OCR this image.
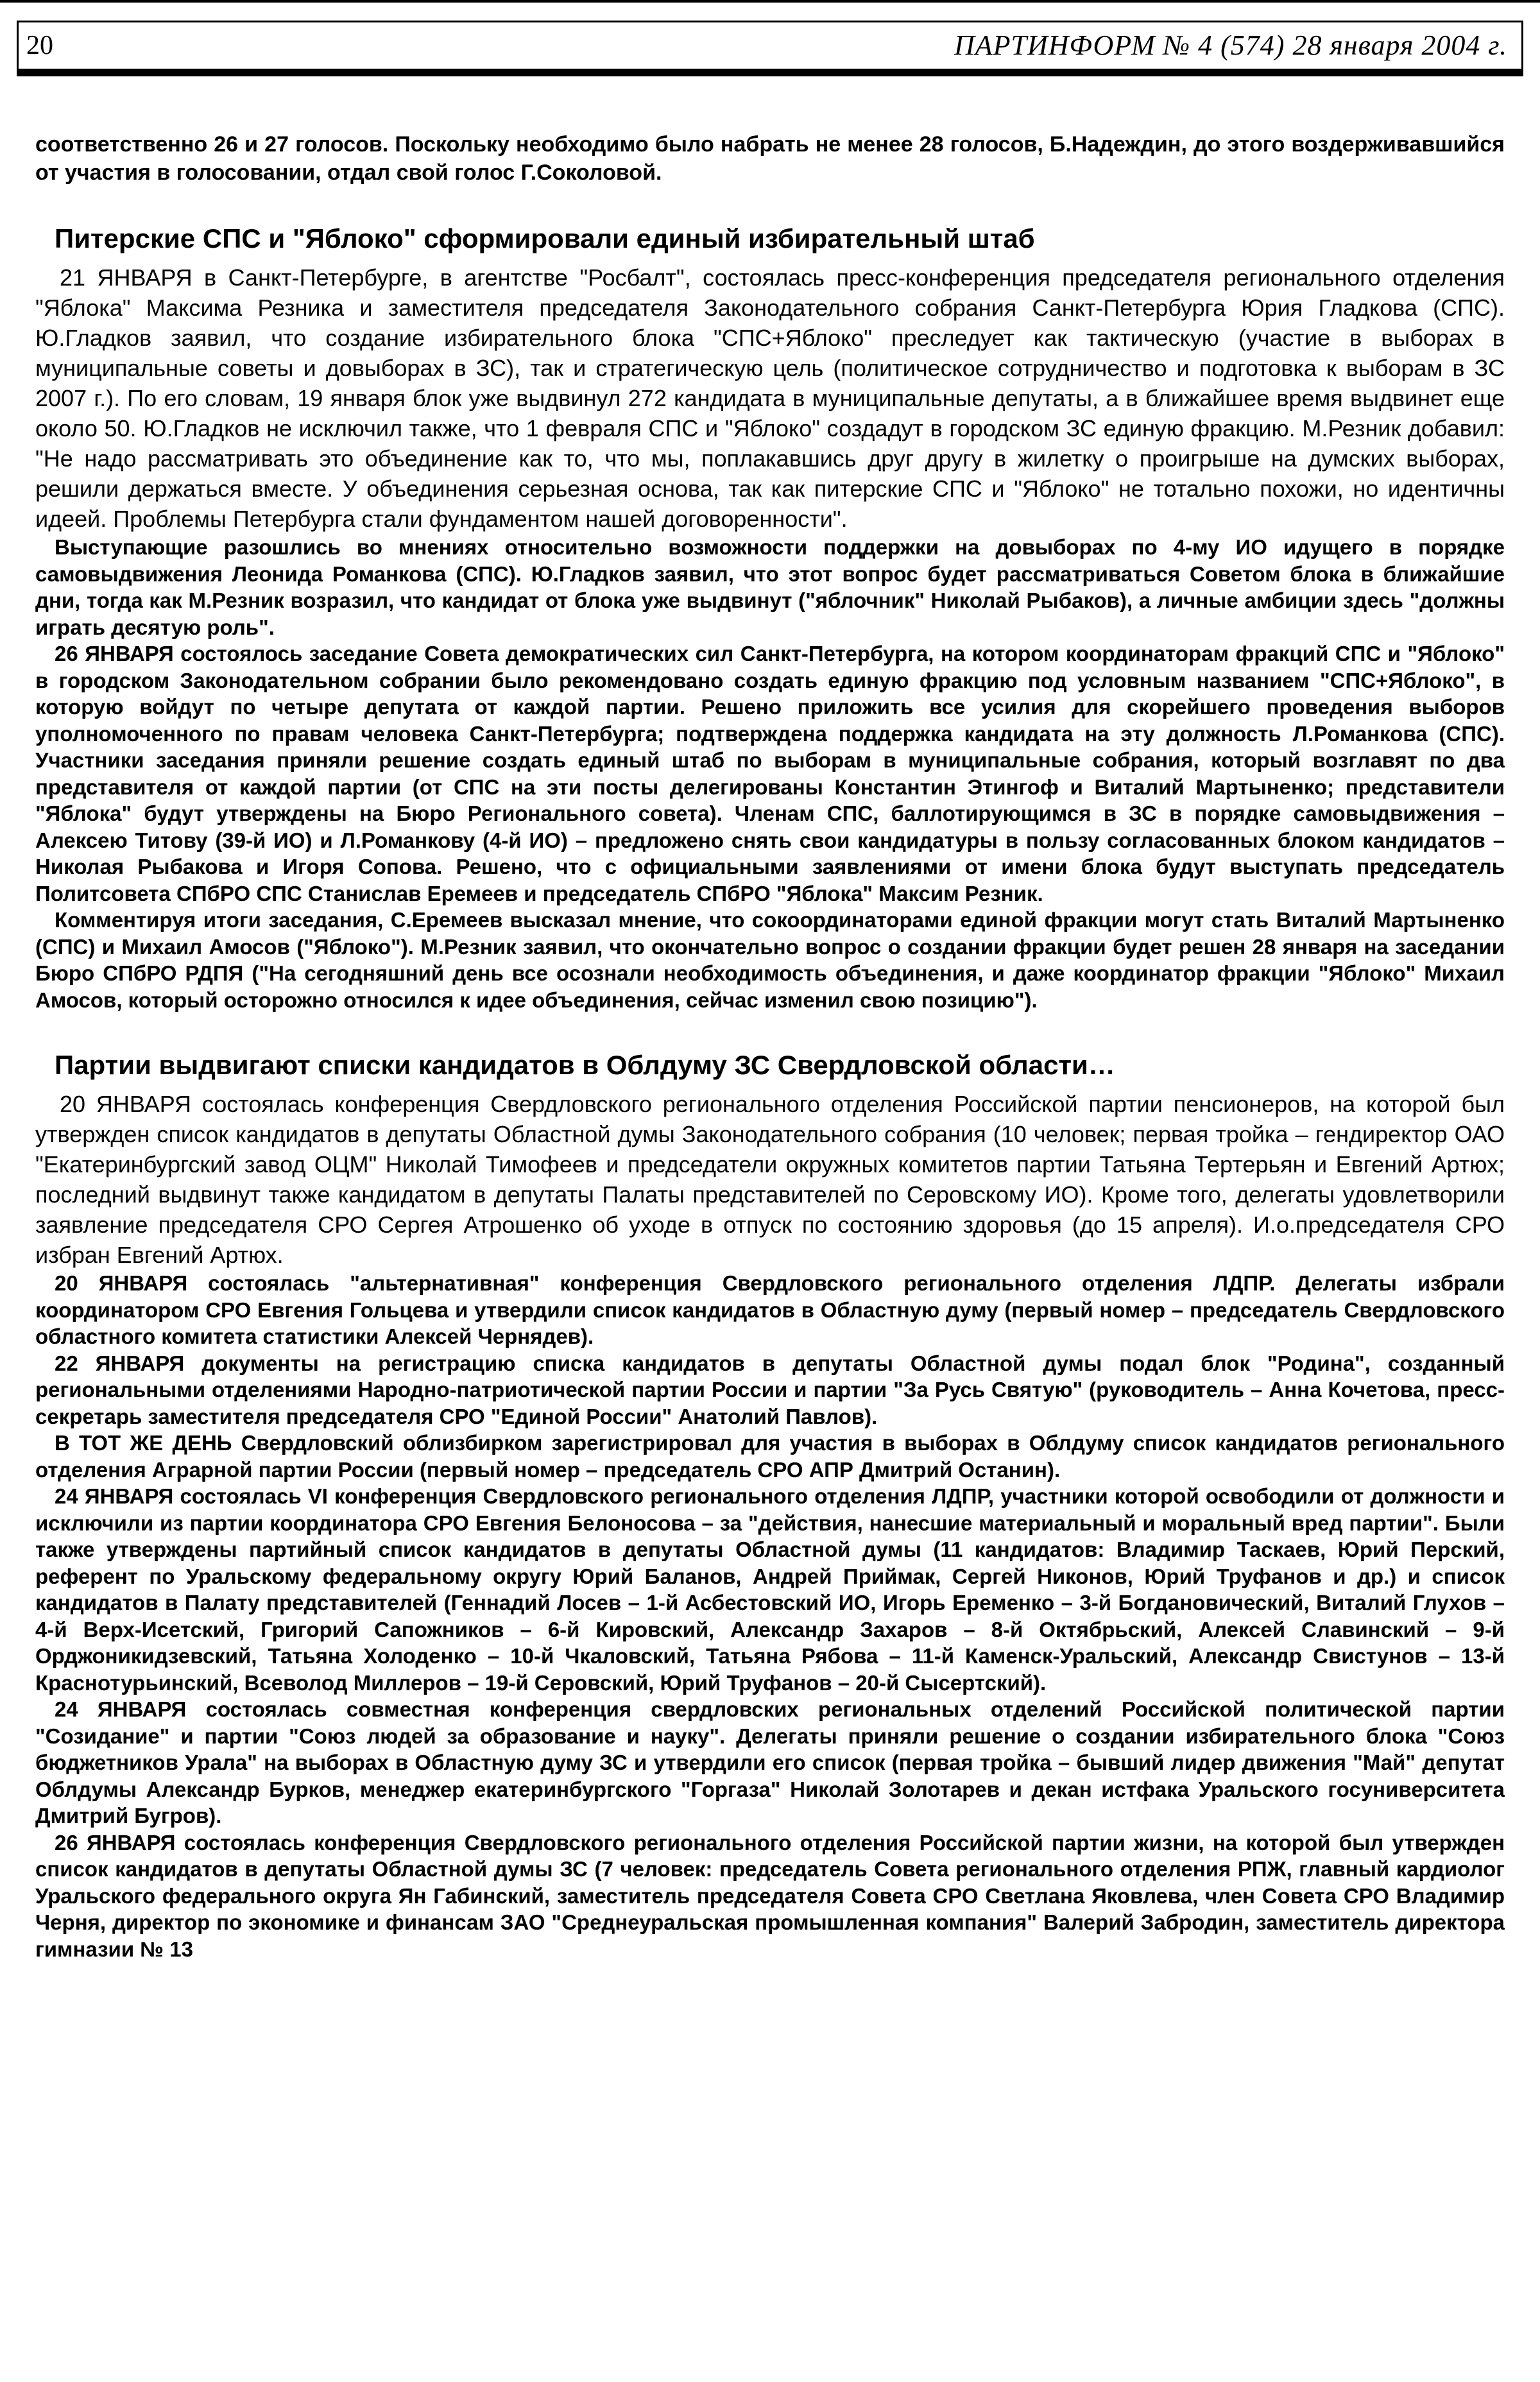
20	ПАРТИНФОРМ № 4 (574) 28 января 2004 г.

соответственно 26 и 27 голосов. Поскольку необходимо было набрать не менее 28 голосов, Б.Надеждин, до этого воздерживавшийся от участия в голосовании, отдал свой голос Г.Соколовой.

Питерские СПС и "Яблоко" сформировали единый избирательный штаб

21 ЯНВАРЯ в Санкт-Петербурге, в агентстве "Росбалт", состоялась пресс-конференция председателя регионального отделения "Яблока" Максима Резника и заместителя председателя Законодательного собрания Санкт-Петербурга Юрия Гладкова (СПС). Ю.Гладков заявил, что создание избирательного блока "СПС+Яблоко" преследует как тактическую (участие в выборах в муниципальные советы и довыборах в ЗС), так и стратегическую цель (политическое сотрудничество и подготовка к выборам в ЗС 2007 г.). По его словам, 19 января блок уже выдвинул 272 кандидата в муниципальные депутаты, а в ближайшее время выдвинет еще около 50. Ю.Гладков не исключил также, что 1 февраля СПС и "Яблоко" создадут в городском ЗС единую фракцию. М.Резник добавил: "Не надо рассматривать это объединение как то, что мы, поплакавшись друг другу в жилетку о проигрыше на думских выборах, решили держаться вместе. У объединения серьезная основа, так как питерские СПС и "Яблоко" не тотально похожи, но идентичны идеей. Проблемы Петербурга стали фундаментом нашей договоренности".

Выступающие разошлись во мнениях относительно возможности поддержки на довыборах по 4-му ИО идущего в порядке самовыдвижения Леонида Романкова (СПС). Ю.Гладков заявил, что этот вопрос будет рассматриваться Советом блока в ближайшие дни, тогда как М.Резник возразил, что кандидат от блока уже выдвинут ("яблочник" Николай Рыбаков), а личные амбиции здесь "должны играть десятую роль".

26 ЯНВАРЯ состоялось заседание Совета демократических сил Санкт-Петербурга, на котором координаторам фракций СПС и "Яблоко" в городском Законодательном собрании было рекомендовано создать единую фракцию под условным названием "СПС+Яблоко", в которую войдут по четыре депутата от каждой партии. Решено приложить все усилия для скорейшего проведения выборов уполномоченного по правам человека Санкт-Петербурга; подтверждена поддержка кандидата на эту должность Л.Романкова (СПС). Участники заседания приняли решение создать единый штаб по выборам в муниципальные собрания, который возглавят по два представителя от каждой партии (от СПС на эти посты делегированы Константин Этингоф и Виталий Мартыненко; представители "Яблока" будут утверждены на Бюро Регионального совета). Членам СПС, баллотирующимся в ЗС в порядке самовыдвижения – Алексею Титову (39-й ИО) и Л.Романкову (4-й ИО) – предложено снять свои кандидатуры в пользу согласованных блоком кандидатов – Николая Рыбакова и Игоря Сопова. Решено, что с официальными заявлениями от имени блока будут выступать председатель Политсовета СПбРО СПС Станислав Еремеев и председатель СПбРО "Яблока" Максим Резник.

Комментируя итоги заседания, С.Еремеев высказал мнение, что сокоординаторами единой фракции могут стать Виталий Мартыненко (СПС) и Михаил Амосов ("Яблоко"). М.Резник заявил, что окончательно вопрос о создании фракции будет решен 28 января на заседании Бюро СПбРО РДПЯ ("На сегодняшний день все осознали необходимость объединения, и даже координатор фракции "Яблоко" Михаил Амосов, который осторожно относился к идее объединения, сейчас изменил свою позицию").

Партии выдвигают списки кандидатов в Облдуму ЗС Свердловской области…

20 ЯНВАРЯ состоялась конференция Свердловского регионального отделения Российской партии пенсионеров, на которой был утвержден список кандидатов в депутаты Областной думы Законодательного собрания (10 человек; первая тройка – гендиректор ОАО "Екатеринбургский завод ОЦМ" Николай Тимофеев и председатели окружных комитетов партии Татьяна Тертерьян и Евгений Артюх; последний выдвинут также кандидатом в депутаты Палаты представителей по Серовскому ИО). Кроме того, делегаты удовлетворили заявление председателя СРО Сергея Атрошенко об уходе в отпуск по состоянию здоровья (до 15 апреля). И.о.председателя СРО избран Евгений Артюх.

20 ЯНВАРЯ состоялась "альтернативная" конференция Свердловского регионального отделения ЛДПР. Делегаты избрали координатором СРО Евгения Гольцева и утвердили список кандидатов в Областную думу (первый номер – председатель Свердловского областного комитета статистики Алексей Чернядев).

22 ЯНВАРЯ документы на регистрацию списка кандидатов в депутаты Областной думы подал блок "Родина", созданный региональными отделениями Народно-патриотической партии России и партии "За Русь Святую" (руководитель – Анна Кочетова, пресс-секретарь заместителя председателя СРО "Единой России" Анатолий Павлов).

В ТОТ ЖЕ ДЕНЬ Свердловский облизбирком зарегистрировал для участия в выборах в Облдуму список кандидатов регионального отделения Аграрной партии России (первый номер – председатель СРО АПР Дмитрий Останин).

24 ЯНВАРЯ состоялась VI конференция Свердловского регионального отделения ЛДПР, участники которой освободили от должности и исключили из партии координатора СРО Евгения Белоносова – за "действия, нанесшие материальный и моральный вред партии". Были также утверждены партийный список кандидатов в депутаты Областной думы (11 кандидатов: Владимир Таскаев, Юрий Перский, референт по Уральскому федеральному округу Юрий Баланов, Андрей Приймак, Сергей Никонов, Юрий Труфанов и др.) и список кандидатов в Палату представителей (Геннадий Лосев – 1-й Асбестовский ИО, Игорь Еременко – 3-й Богдановический, Виталий Глухов – 4-й Верх-Исетский, Григорий Сапожников – 6-й Кировский, Александр Захаров – 8-й Октябрьский, Алексей Славинский – 9-й Орджоникидзевский, Татьяна Холоденко – 10-й Чкаловский, Татьяна Рябова – 11-й Каменск-Уральский, Александр Свистунов – 13-й Краснотурьинский, Всеволод Миллеров – 19-й Серовский, Юрий Труфанов – 20-й Сысертский).

24 ЯНВАРЯ состоялась совместная конференция свердловских региональных отделений Российской политической партии "Созидание" и партии "Союз людей за образование и науку". Делегаты приняли решение о создании избирательного блока "Союз бюджетников Урала" на выборах в Областную думу ЗС и утвердили его список (первая тройка – бывший лидер движения "Май" депутат Облдумы Александр Бурков, менеджер екатеринбургского "Горгаза" Николай Золотарев и декан истфака Уральского госуниверситета Дмитрий Бугров).

26 ЯНВАРЯ состоялась конференция Свердловского регионального отделения Российской партии жизни, на которой был утвержден список кандидатов в депутаты Областной думы ЗС (7 человек: председатель Совета регионального отделения РПЖ, главный кардиолог Уральского федерального округа Ян Габинский, заместитель председателя Совета СРО Светлана Яковлева, член Совета СРО Владимир Черня, директор по экономике и финансам ЗАО "Среднеуральская промышленная компания" Валерий Забродин, заместитель директора гимназии № 13
